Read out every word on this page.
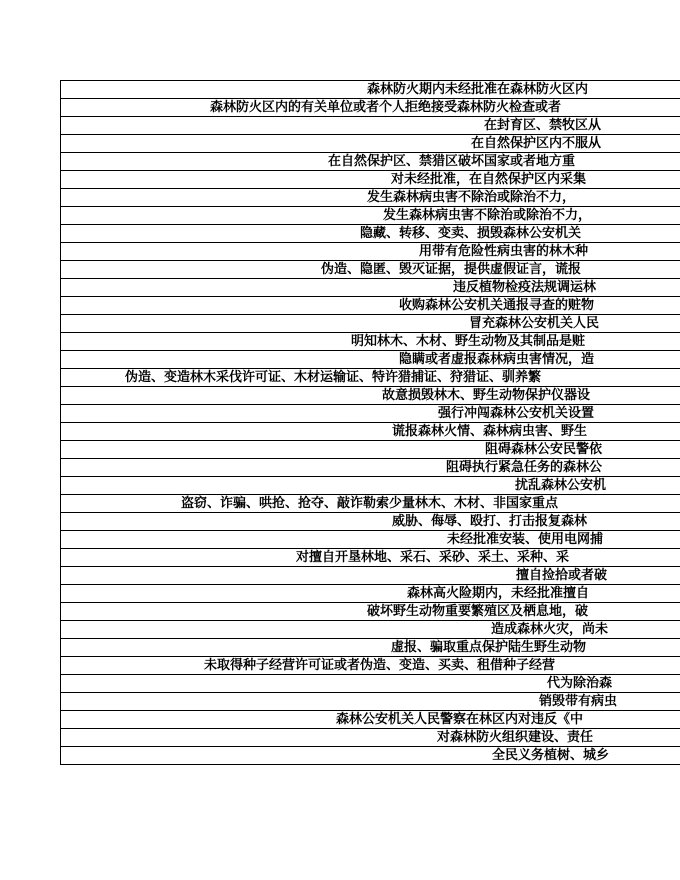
森林防火期内未经批准在森林防火区内
森林防火区内的有关单位或者个人拒绝接受森林防火检查或者
在封育区、禁牧区从
在自然保护区内不服从
在自然保护区、禁猎区破坏国家或者地方重
对未经批准，在自然保护区内采集
发生森林病虫害不除治或除治不力，
发生森林病虫害不除治或除治不力，
隐藏、转移、变卖、损毁森林公安机关
用带有危险性病虫害的林木种
伪造、隐匿、毁灭证据，提供虚假证言，谎报
违反植物检疫法规调运林
收购森林公安机关通报寻查的赃物
冒充森林公安机关人民
明知林木、木材、野生动物及其制品是赃
隐瞒或者虚报森林病虫害情况，造
伪造、变造林木采伐许可证、木材运输证、特许猎捕证、狩猎证、驯养繁
故意损毁林木、野生动物保护仪器设
强行冲闯森林公安机关设置
谎报森林火情、森林病虫害、野生
阻碍森林公安民警依
阻碍执行紧急任务的森林公
扰乱森林公安机
盗窃、诈骗、哄抢、抢夺、敲诈勒索少量林木、木材、非国家重点
威胁、侮辱、殴打、打击报复森林
未经批准安装、使用电网捕
对擅自开垦林地、采石、采砂、采土、采种、采
擅自捡拾或者破
森林高火险期内，未经批准擅自
破坏野生动物重要繁殖区及栖息地，破
造成森林火灾，尚未
虚报、骗取重点保护陆生野生动物
未取得种子经营许可证或者伪造、变造、买卖、租借种子经营
代为除治森
销毁带有病虫
森林公安机关人民警察在林区内对违反《中
对森林防火组织建设、责任
全民义务植树、城乡
